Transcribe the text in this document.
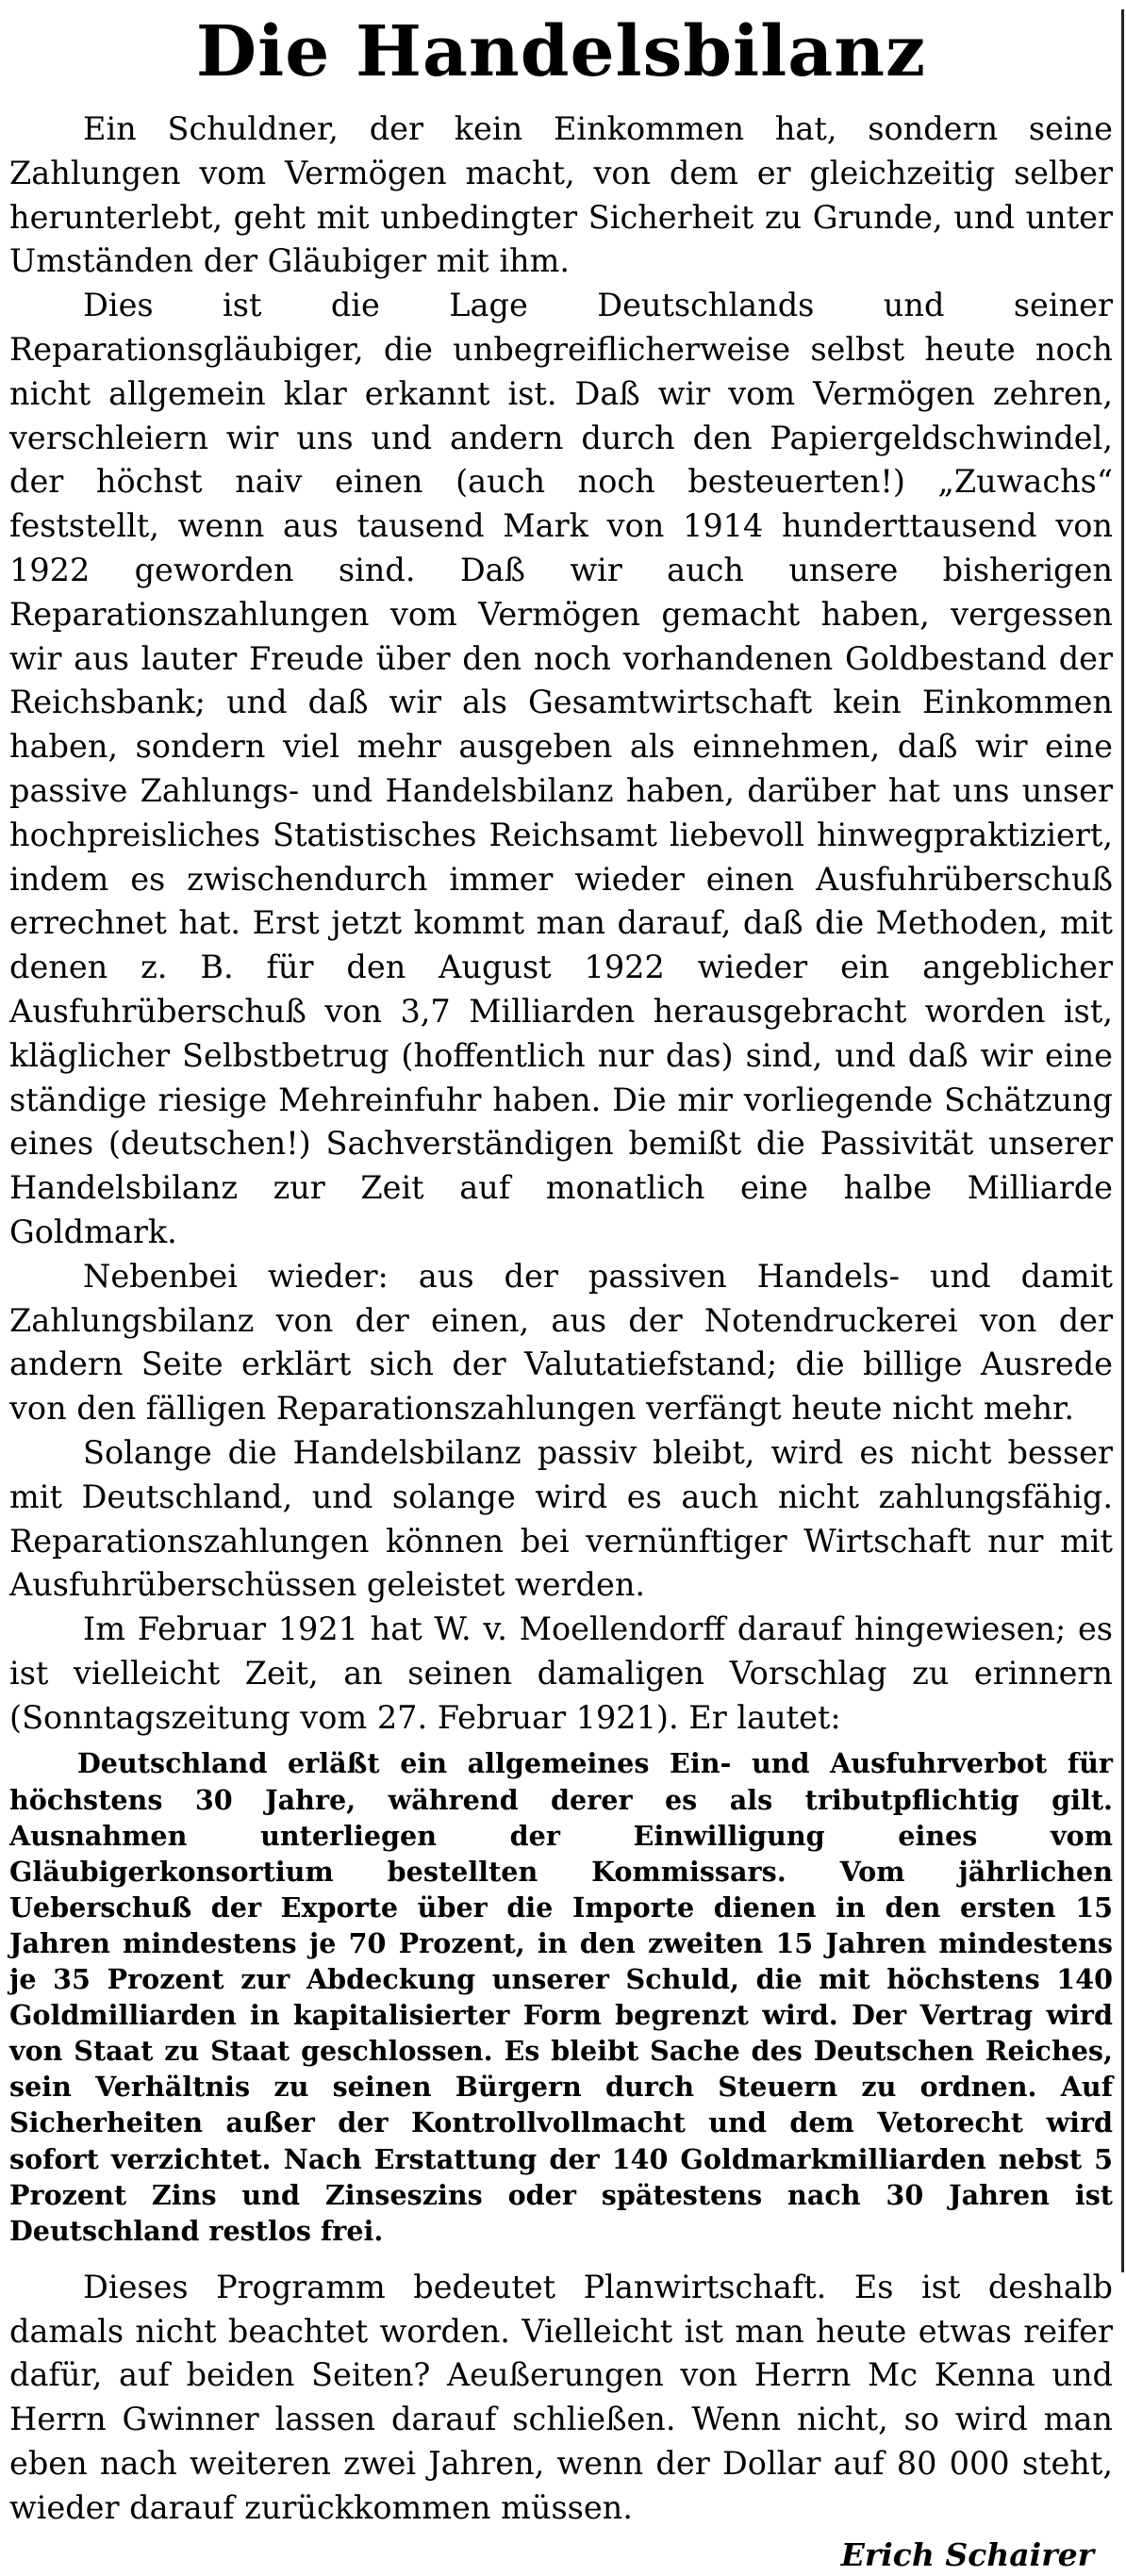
Die Handelsbilanz

Ein Schuldner, der kein Einkommen hat, sondern seine Zahlungen vom Vermögen macht, von dem er gleichzeitig selber herunterlebt, geht mit unbedingter Sicherheit zu Grunde, und unter Umständen der Gläubiger mit ihm.

Dies ist die Lage Deutschlands und seiner Reparationsgläubiger, die unbegreiflicherweise selbst heute noch nicht allgemein klar erkannt ist. Daß wir vom Vermögen zehren, verschleiern wir uns und andern durch den Papiergeldschwindel, der höchst naiv einen (auch noch besteuerten!) „Zuwachs“ feststellt, wenn aus tausend Mark von 1914 hunderttausend von 1922 geworden sind. Daß wir auch unsere bisherigen Reparationszahlungen vom Vermögen gemacht haben, vergessen wir aus lauter Freude über den noch vorhandenen Goldbestand der Reichsbank; und daß wir als Gesamtwirtschaft kein Einkommen haben, sondern viel mehr ausgeben als einnehmen, daß wir eine passive Zahlungs- und Handelsbilanz haben, darüber hat uns unser hochpreisliches Statistisches Reichsamt liebevoll hinwegpraktiziert, indem es zwischendurch immer wieder einen Ausfuhrüberschuß errechnet hat. Erst jetzt kommt man darauf, daß die Methoden, mit denen z. B. für den August 1922 wieder ein angeblicher Ausfuhrüberschuß von 3,7 Milliarden herausgebracht worden ist, kläglicher Selbstbetrug (hoffentlich nur das) sind, und daß wir eine ständige riesige Mehreinfuhr haben. Die mir vorliegende Schätzung eines (deutschen!) Sachverständigen bemißt die Passivität unserer Handelsbilanz zur Zeit auf monatlich eine halbe Milliarde Goldmark.

Nebenbei wieder: aus der passiven Handels- und damit Zahlungsbilanz von der einen, aus der Notendruckerei von der andern Seite erklärt sich der Valutatiefstand; die billige Ausrede von den fälligen Reparationszahlungen verfängt heute nicht mehr.

Solange die Handelsbilanz passiv bleibt, wird es nicht besser mit Deutschland, und solange wird es auch nicht zahlungsfähig. Reparationszahlungen können bei vernünftiger Wirtschaft nur mit Ausfuhrüberschüssen geleistet werden.

Im Februar 1921 hat W. v. Moellendorff darauf hingewiesen; es ist vielleicht Zeit, an seinen damaligen Vorschlag zu erinnern (Sonntagszeitung vom 27. Februar 1921). Er lautet:

Deutschland erläßt ein allgemeines Ein- und Ausfuhrverbot für höchstens 30 Jahre, während derer es als tributpflichtig gilt. Ausnahmen unterliegen der Einwilligung eines vom Gläubigerkonsortium bestellten Kommissars. Vom jährlichen Ueberschuß der Exporte über die Importe dienen in den ersten 15 Jahren mindestens je 70 Prozent, in den zweiten 15 Jahren mindestens je 35 Prozent zur Abdeckung unserer Schuld, die mit höchstens 140 Goldmilliarden in kapitalisierter Form begrenzt wird. Der Vertrag wird von Staat zu Staat geschlossen. Es bleibt Sache des Deutschen Reiches, sein Verhältnis zu seinen Bürgern durch Steuern zu ordnen. Auf Sicherheiten außer der Kontrollvollmacht und dem Vetorecht wird sofort verzichtet. Nach Erstattung der 140 Goldmarkmilliarden nebst 5 Prozent Zins und Zinseszins oder spätestens nach 30 Jahren ist Deutschland restlos frei.

Dieses Programm bedeutet Planwirtschaft. Es ist deshalb damals nicht beachtet worden. Vielleicht ist man heute etwas reifer dafür, auf beiden Seiten? Aeußerungen von Herrn Mc Kenna und Herrn Gwinner lassen darauf schließen. Wenn nicht, so wird man eben nach weiteren zwei Jahren, wenn der Dollar auf 80 000 steht, wieder darauf zurückkommen müssen.

Erich Schairer
